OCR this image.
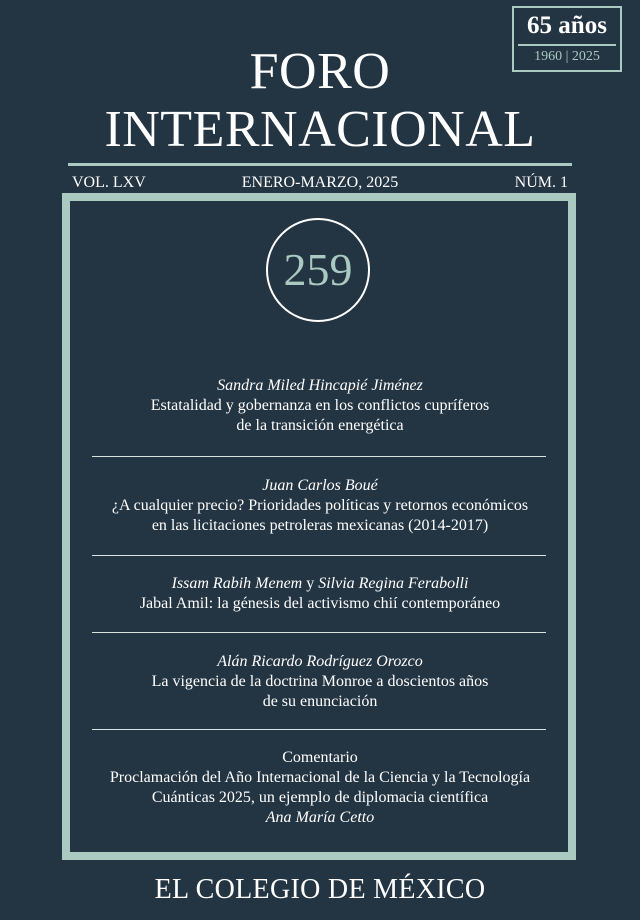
65 años
1960 | 2025
FORO
INTERNACIONAL
VOL. LXV	ENERO-MARZO, 2025	NÚM. 1
259
Sandra Miled Hincapié Jiménez
Estatalidad y gobernanza en los conflictos cupríferos
de la transición energética
Juan Carlos Boué
¿A cualquier precio? Prioridades políticas y retornos económicos
en las licitaciones petroleras mexicanas (2014-2017)
Issam Rabih Menem y Silvia Regina Ferabolli
Jabal Amil: la génesis del activismo chií contemporáneo
Alán Ricardo Rodríguez Orozco
La vigencia de la doctrina Monroe a doscientos años
de su enunciación
Comentario
Proclamación del Año Internacional de la Ciencia y la Tecnología
Cuánticas 2025, un ejemplo de diplomacia científica
Ana María Cetto
EL COLEGIO DE MÉXICO
